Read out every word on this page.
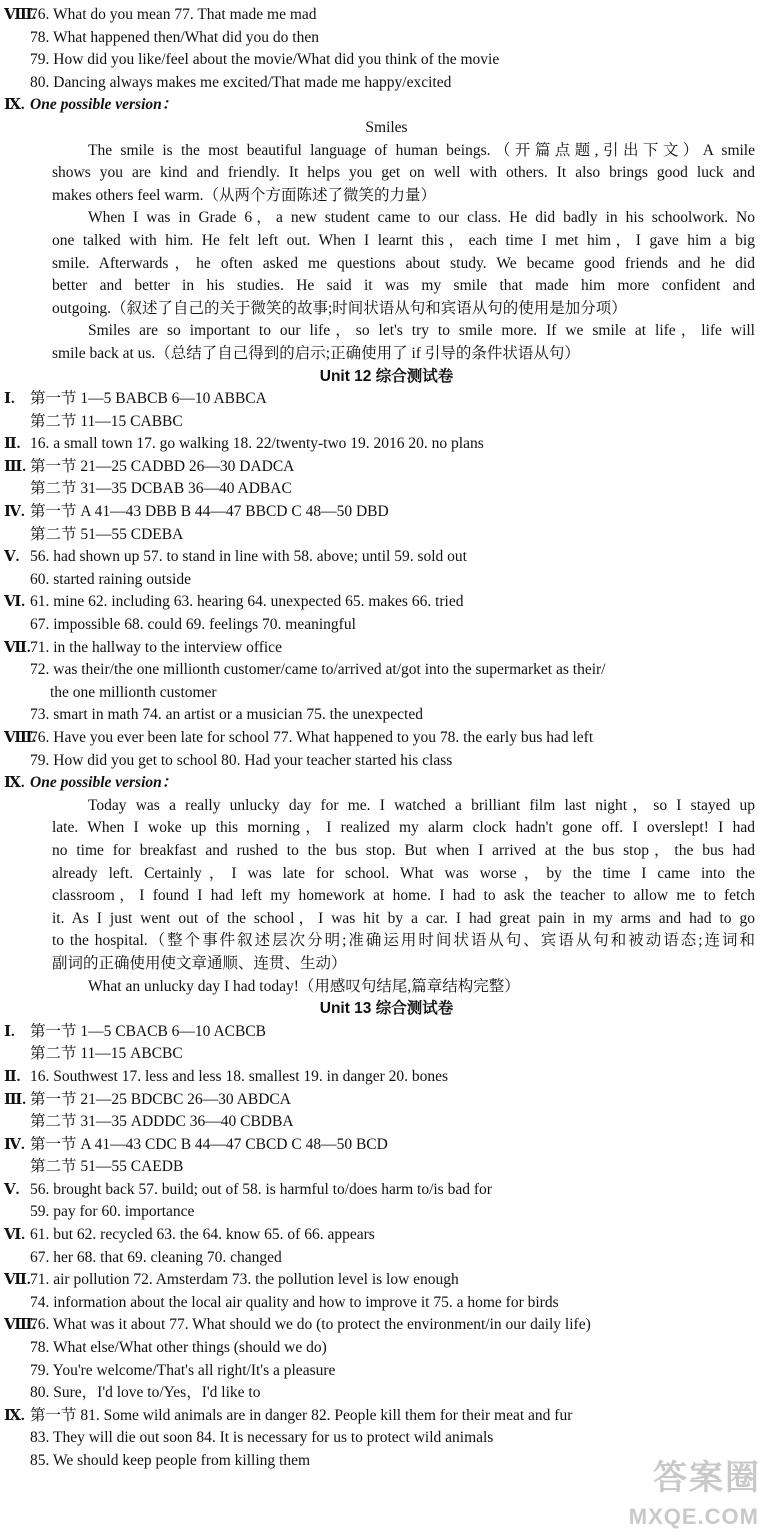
Ⅷ.
76. What do you mean 77. That made me mad
78. What happened then/What did you do then
79. How did you like/feel about the movie/What did you think of the movie
80. Dancing always makes me excited/That made me happy/excited
Ⅸ. One possible version：
Smiles
The smile is the most beautiful language of human beings.（开篇点题,引出下文）A smile
shows you are kind and friendly. It helps you get on well with others. It also brings good luck and
makes others feel warm.（从两个方面陈述了微笑的力量）
When I was in Grade 6，a new student came to our class. He did badly in his schoolwork. No
one talked with him. He felt left out. When I learnt this，each time I met him，I gave him a big
smile. Afterwards，he often asked me questions about study. We became good friends and he did
better and better in his studies. He said it was my smile that made him more confident and
outgoing.（叙述了自己的关于微笑的故事;时间状语从句和宾语从句的使用是加分项）
Smiles are so important to our life，so let's try to smile more. If we smile at life，life will
smile back at us.（总结了自己得到的启示;正确使用了 if 引导的条件状语从句）
Unit 12 综合测试卷
Ⅰ. 第一节 1—5 BABCB 6—10 ABBCA
第二节 11—15 CABBC
Ⅱ. 16. a small town 17. go walking 18. 22/twenty-two 19. 2016 20. no plans
Ⅲ. 第一节 21—25 CADBD 26—30 DADCA
第二节 31—35 DCBAB 36—40 ADBAC
Ⅳ. 第一节 A 41—43 DBB B 44—47 BBCD C 48—50 DBD
第二节 51—55 CDEBA
Ⅴ. 56. had shown up 57. to stand in line with 58. above; until 59. sold out
60. started raining outside
Ⅵ. 61. mine 62. including 63. hearing 64. unexpected 65. makes 66. tried
67. impossible 68. could 69. feelings 70. meaningful
Ⅶ. 71. in the hallway to the interview office
72. was their/the one millionth customer/came to/arrived at/got into the supermarket as their/
the one millionth customer
73. smart in math 74. an artist or a musician 75. the unexpected
Ⅷ.
76. Have you ever been late for school 77. What happened to you 78. the early bus had left
79. How did you get to school 80. Had your teacher started his class
Ⅸ. One possible version：
Today was a really unlucky day for me. I watched a brilliant film last night，so I stayed up
late. When I woke up this morning，I realized my alarm clock hadn't gone off. I overslept! I had
no time for breakfast and rushed to the bus stop. But when I arrived at the bus stop，the bus had
already left. Certainly，I was late for school. What was worse，by the time I came into the
classroom，I found I had left my homework at home. I had to ask the teacher to allow me to fetch
it. As I just went out of the school，I was hit by a car. I had great pain in my arms and had to go
to the hospital.（整个事件叙述层次分明;准确运用时间状语从句、宾语从句和被动语态;连词和
副词的正确使用使文章通顺、连贯、生动）
What an unlucky day I had today!（用感叹句结尾,篇章结构完整）
Unit 13 综合测试卷
Ⅰ. 第一节 1—5 CBACB 6—10 ACBCB
第二节 11—15 ABCBC
Ⅱ. 16. Southwest 17. less and less 18. smallest 19. in danger 20. bones
Ⅲ. 第一节 21—25 BDCBC 26—30 ABDCA
第二节 31—35 ADDDC 36—40 CBDBA
Ⅳ. 第一节 A 41—43 CDC B 44—47 CBCD C 48—50 BCD
第二节 51—55 CAEDB
Ⅴ. 56. brought back 57. build; out of 58. is harmful to/does harm to/is bad for
59. pay for 60. importance
Ⅵ. 61. but 62. recycled 63. the 64. know 65. of 66. appears
67. her 68. that 69. cleaning 70. changed
Ⅶ. 71. air pollution 72. Amsterdam 73. the pollution level is low enough
74. information about the local air quality and how to improve it 75. a home for birds
Ⅷ.
76. What was it about 77. What should we do (to protect the environment/in our daily life)
78. What else/What other things (should we do)
79. You're welcome/That's all right/It's a pleasure
80. Sure，I'd love to/Yes，I'd like to
Ⅸ. 第一节 81. Some wild animals are in danger 82. People kill them for their meat and fur
83. They will die out soon 84. It is necessary for us to protect wild animals
85. We should keep people from killing them	答案圈
MXQE.COM
